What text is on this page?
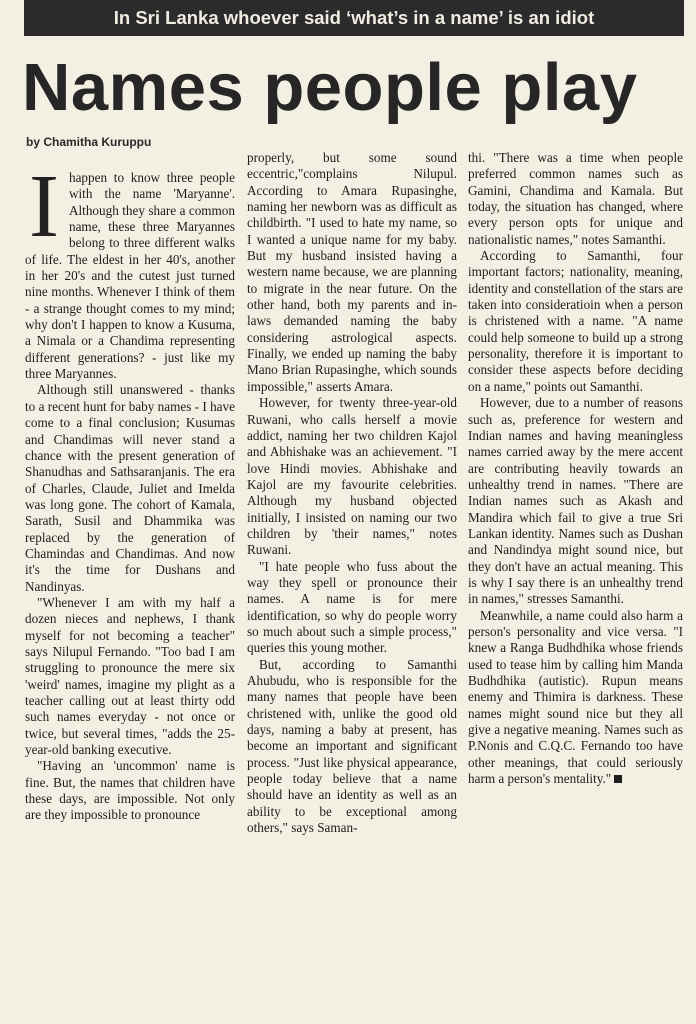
In Sri Lanka whoever said ‘what’s in a name’ is an idiot
Names people play
by Chamitha Kuruppu
I happen to know three people with the name 'Maryanne'. Although they share a common name, these three Maryannes belong to three different walks of life. The eldest in her 40's, another in her 20's and the cutest just turned nine months. Whenever I think of them - a strange thought comes to my mind; why don't I happen to know a Kusuma, a Nimala or a Chandima representing different generations? - just like my three Maryannes.

Although still unanswered - thanks to a recent hunt for baby names - I have come to a final conclusion; Kusumas and Chandimas will never stand a chance with the present generation of Shanudhas and Sathsaranjanis. The era of Charles, Claude, Juliet and Imelda was long gone. The cohort of Kamala, Sarath, Susil and Dhammika was replaced by the generation of Chamindas and Chandimas. And now it's the time for Dushans and Nandinyas.

"Whenever I am with my half a dozen nieces and nephews, I thank myself for not becoming a teacher" says Nilupul Fernando. "Too bad I am struggling to pronounce the mere six 'weird' names, imagine my plight as a teacher calling out at least thirty odd such names everyday - not once or twice, but several times, "adds the 25-year-old banking executive.

"Having an 'uncommon' name is fine. But, the names that children have these days, are impossible. Not only are they impossible to pronounce

properly, but some sound eccentric,"complains Nilupul. According to Amara Rupasinghe, naming her newborn was as difficult as childbirth. "I used to hate my name, so I wanted a unique name for my baby. But my husband insisted having a western name because, we are planning to migrate in the near future. On the other hand, both my parents and in-laws demanded naming the baby considering astrological aspects. Finally, we ended up naming the baby Mano Brian Rupasinghe, which sounds impossible," asserts Amara.

However, for twenty three-year-old Ruwani, who calls herself a movie addict, naming her two children Kajol and Abhishake was an achievement. "I love Hindi movies. Abhishake and Kajol are my favourite celebrities. Although my husband objected initially, I insisted on naming our two children by 'their names," notes Ruwani.

"I hate people who fuss about the way they spell or pronounce their names. A name is for mere identification, so why do people worry so much about such a simple process," queries this young mother.

But, according to Samanthi Ahubudu, who is responsible for the many names that people have been christened with, unlike the good old days, naming a baby at present, has become an important and significant process. "Just like physical appearance, people today believe that a name should have an identity as well as an ability to be exceptional among others," says Saman-

thi. "There was a time when people preferred common names such as Gamini, Chandima and Kamala. But today, the situation has changed, where every person opts for unique and nationalistic names," notes Samanthi.

According to Samanthi, four important factors; nationality, meaning, identity and constellation of the stars are taken into consideratioin when a person is christened with a name. "A name could help someone to build up a strong personality, therefore it is important to consider these aspects before deciding on a name," points out Samanthi.

However, due to a number of reasons such as, preference for western and Indian names and having meaningless names carried away by the mere accent are contributing heavily towards an unhealthy trend in names. "There are Indian names such as Akash and Mandira which fail to give a true Sri Lankan identity. Names such as Dushan and Nandindya might sound nice, but they don't have an actual meaning. This is why I say there is an unhealthy trend in names," stresses Samanthi.

Meanwhile, a name could also harm a person's personality and vice versa. "I knew a Ranga Budhdhika whose friends used to tease him by calling him Manda Budhdhika (autistic). Rupun means enemy and Thimira is darkness. These names might sound nice but they all give a negative meaning. Names such as P.Nonis and C.Q.C. Fernando too have other meanings, that could seriously harm a person's mentality."
